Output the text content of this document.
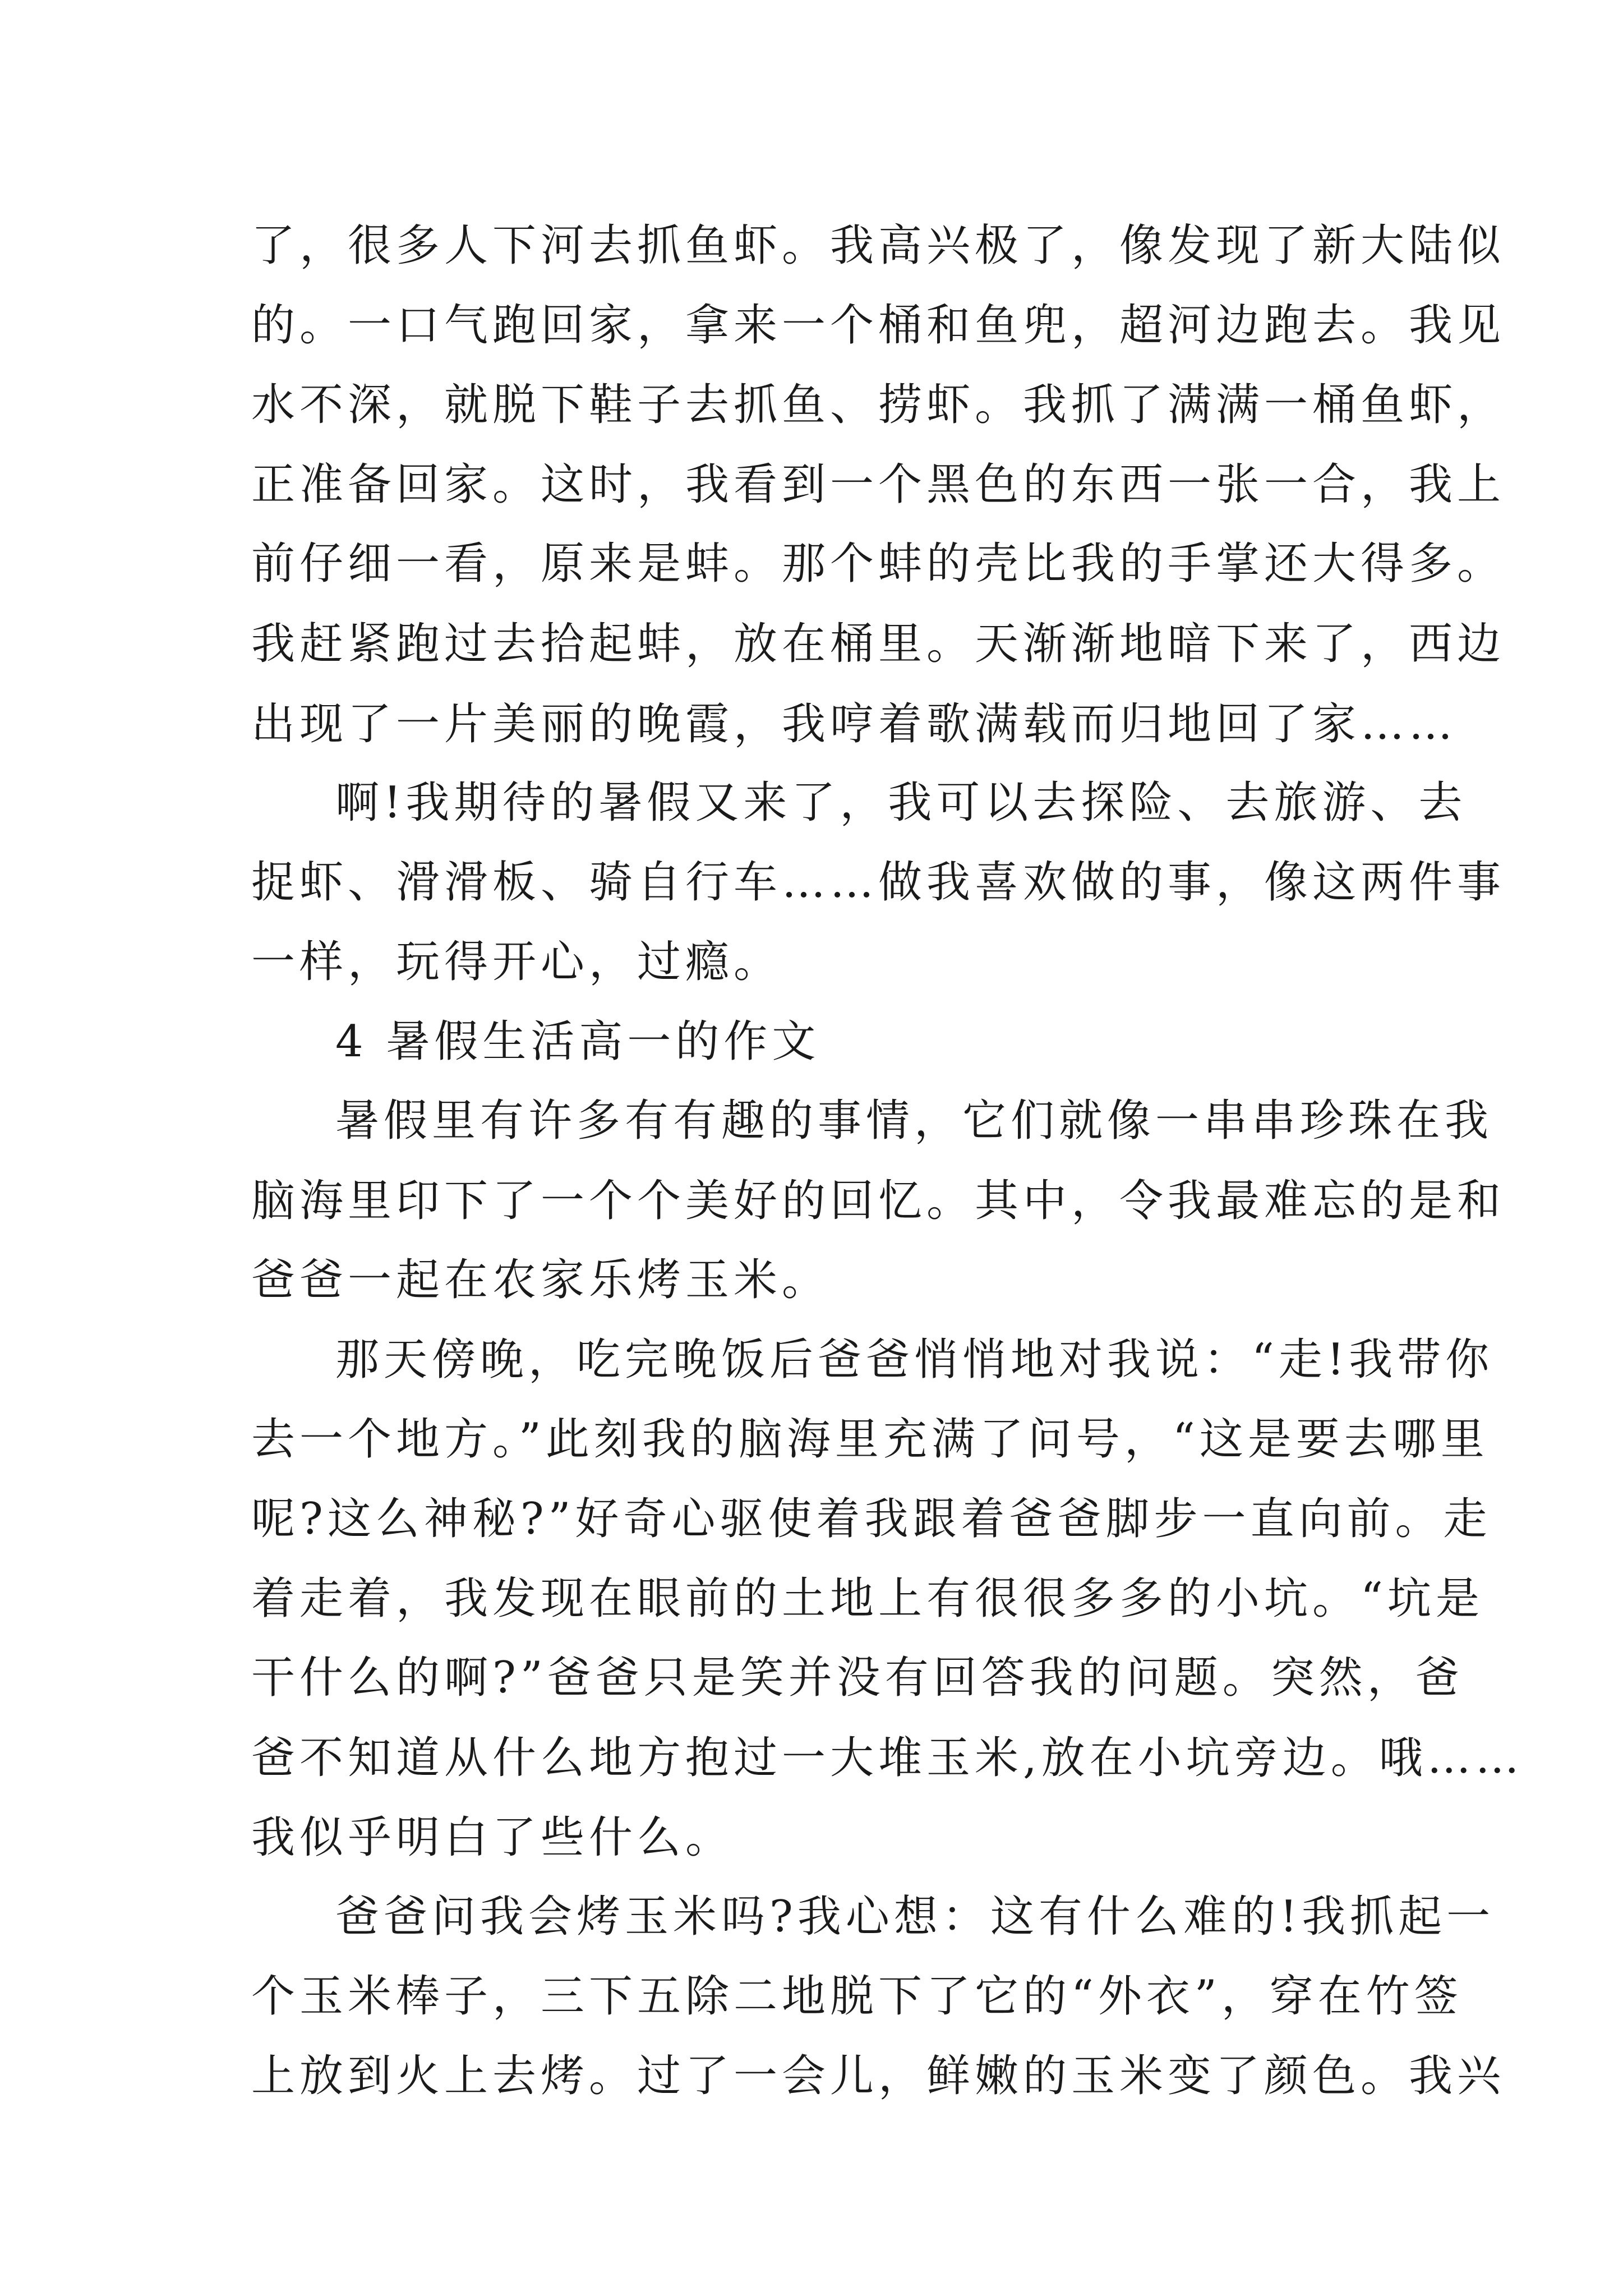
了，很多人下河去抓鱼虾。我高兴极了，像发现了新大陆似
的。一口气跑回家，拿来一个桶和鱼兜，超河边跑去。我见
水不深，就脱下鞋子去抓鱼、捞虾。我抓了满满一桶鱼虾，
正准备回家。这时，我看到一个黑色的东西一张一合，我上
前仔细一看，原来是蚌。那个蚌的壳比我的手掌还大得多。
我赶紧跑过去拾起蚌，放在桶里。天渐渐地暗下来了，西边
出现了一片美丽的晚霞，我哼着歌满载而归地回了家……
啊!我期待的暑假又来了，我可以去探险、去旅游、去
捉虾、滑滑板、骑自行车……做我喜欢做的事，像这两件事
一样，玩得开心，过瘾。
4 暑假生活高一的作文
暑假里有许多有有趣的事情，它们就像一串串珍珠在我
脑海里印下了一个个美好的回忆。其中，令我最难忘的是和
爸爸一起在农家乐烤玉米。
那天傍晚，吃完晚饭后爸爸悄悄地对我说：“走!我带你
去一个地方。”此刻我的脑海里充满了问号，“这是要去哪里
呢?这么神秘?”好奇心驱使着我跟着爸爸脚步一直向前。走
着走着，我发现在眼前的土地上有很很多多的小坑。“坑是
干什么的啊?”爸爸只是笑并没有回答我的问题。突然，爸
爸不知道从什么地方抱过一大堆玉米,放在小坑旁边。哦……
我似乎明白了些什么。
爸爸问我会烤玉米吗?我心想：这有什么难的!我抓起一
个玉米棒子，三下五除二地脱下了它的“外衣”，穿在竹签
上放到火上去烤。过了一会儿，鲜嫩的玉米变了颜色。我兴
